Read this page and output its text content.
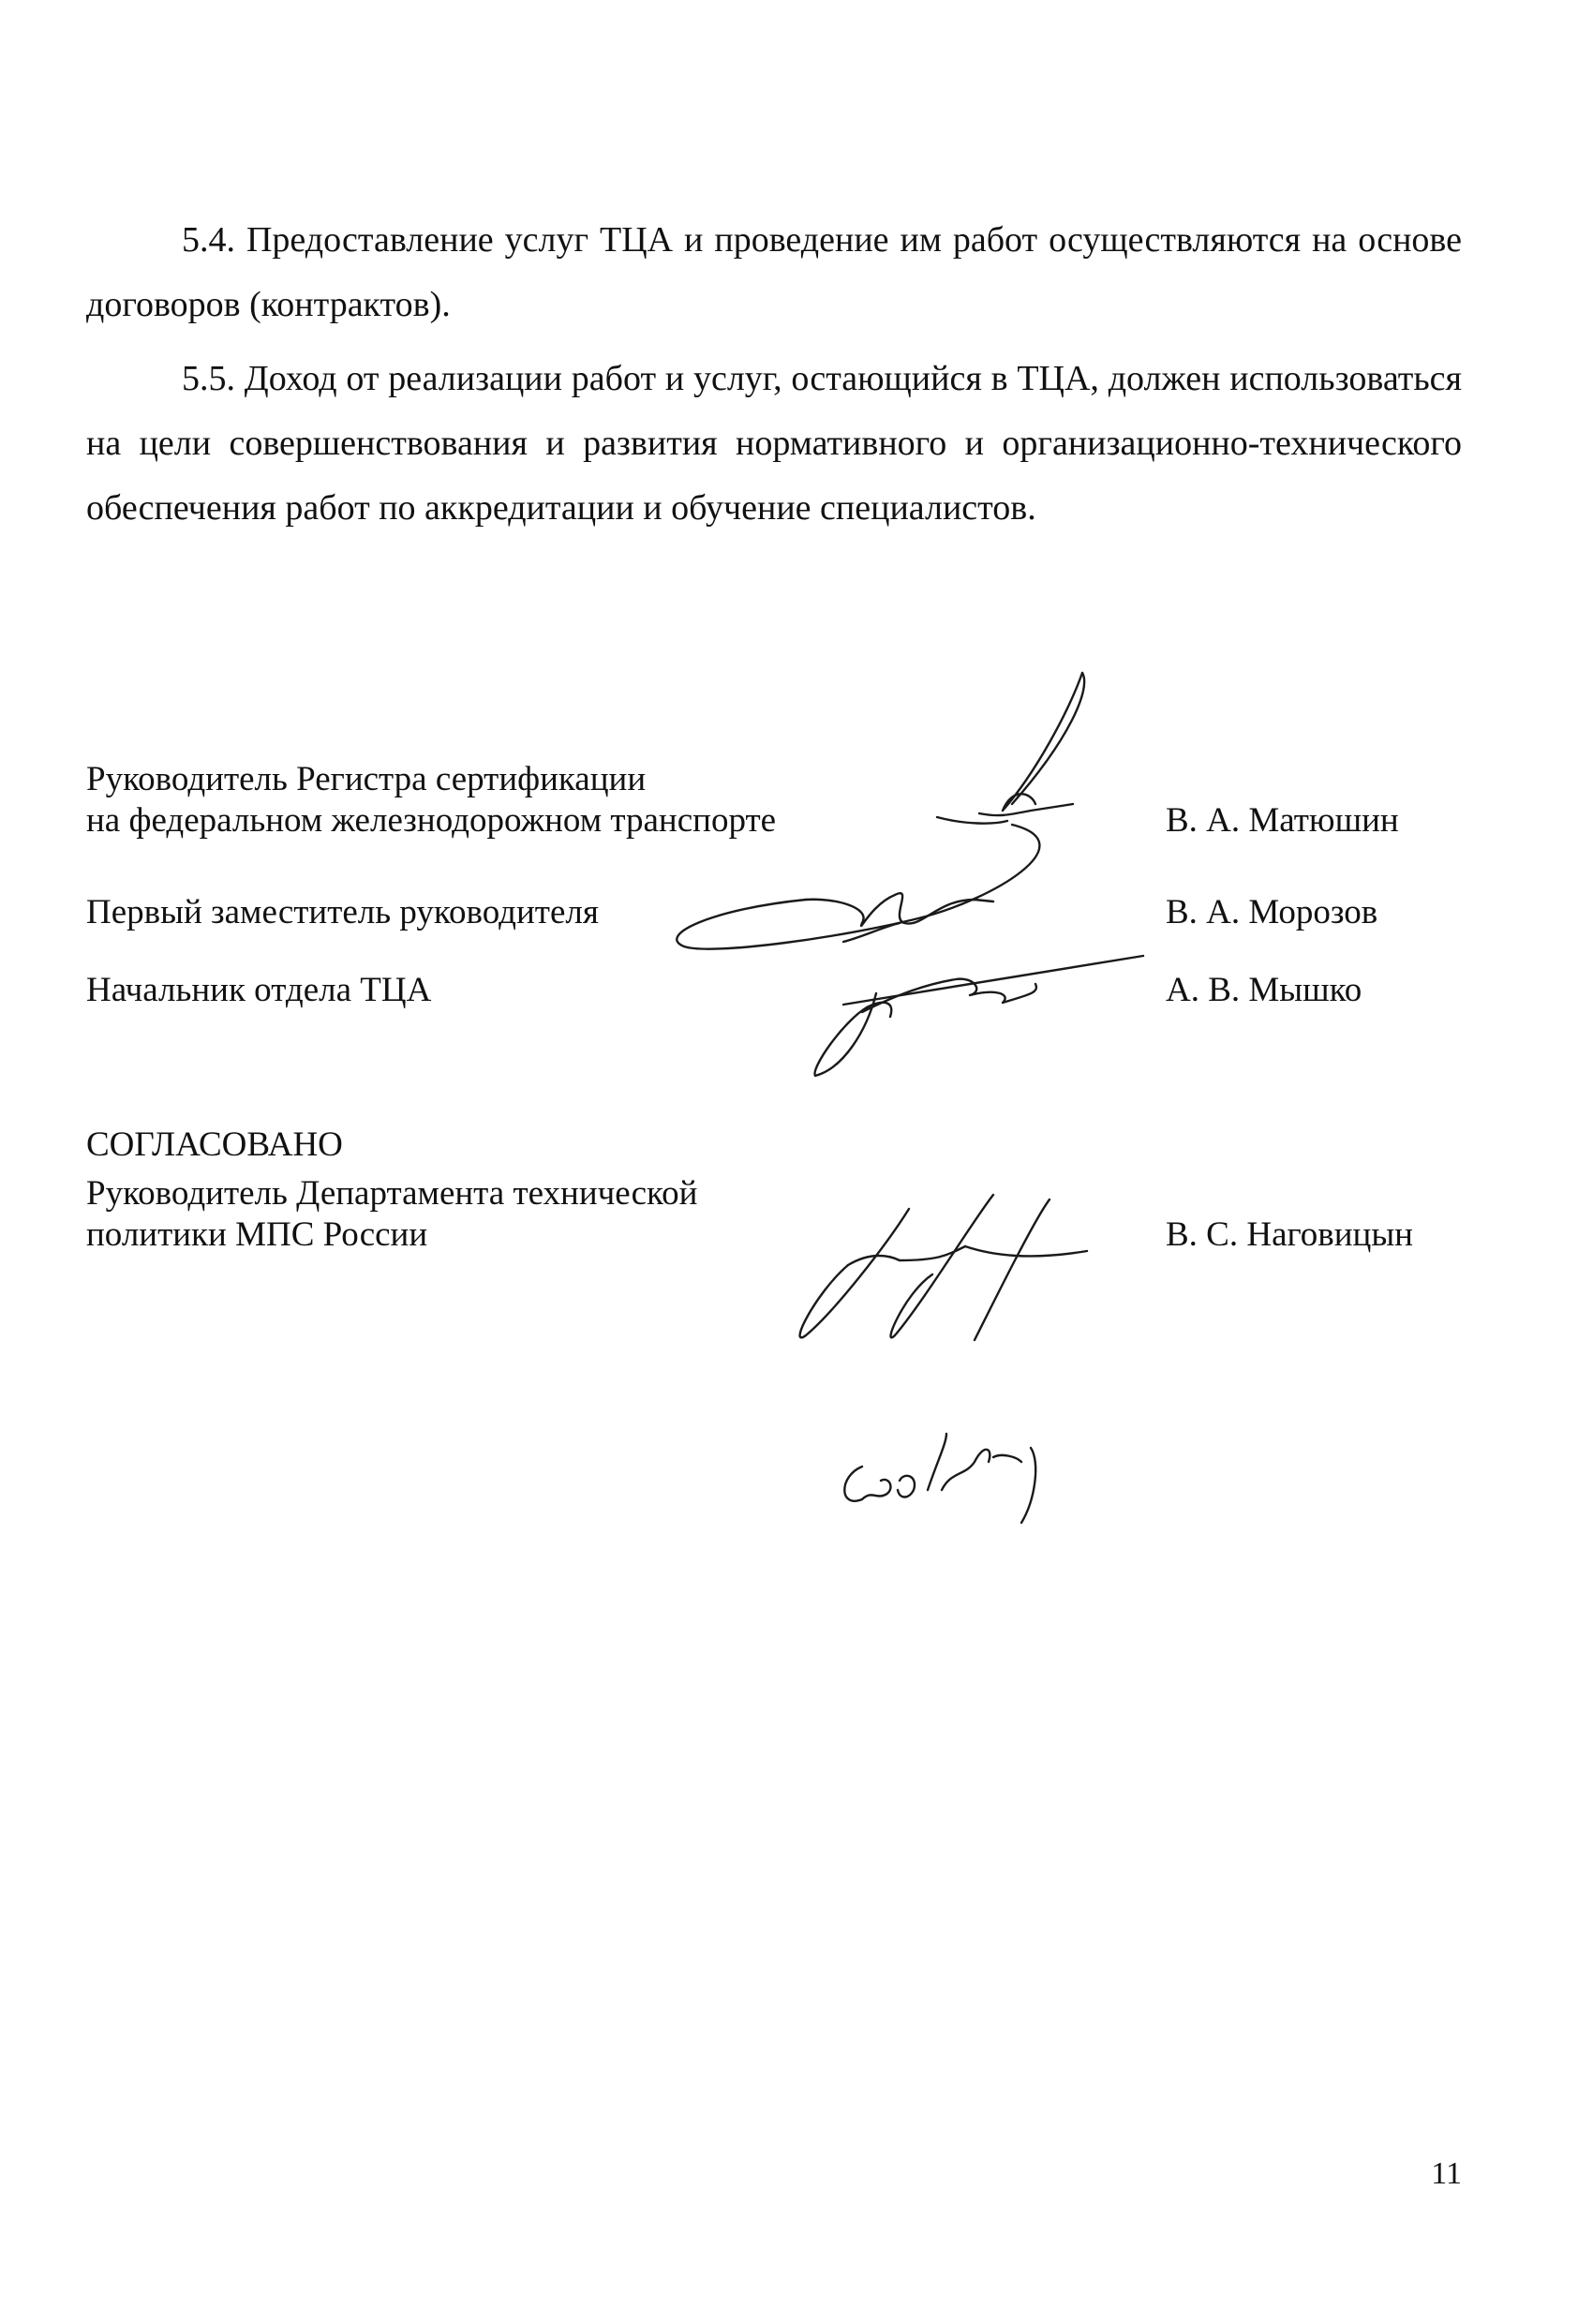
5.4. Предоставление услуг ТЦА и проведение им работ осуществляются на основе договоров (контрактов).

5.5. Доход от реализации работ и услуг, остающийся в ТЦА, должен использоваться на цели совершенствования и развития нормативного и организационно-технического обеспечения работ по аккредитации и обучение специалистов.

Руководитель Регистра сертификации
на федеральном железнодорожном транспорте	В. А. Матюшин
Первый заместитель руководителя	В. А. Морозов
Начальник отдела ТЦА	А. В. Мышко
СОГЛАСОВАНО
Руководитель Департамента технической
политики МПС России	В. С. Наговицын
11
